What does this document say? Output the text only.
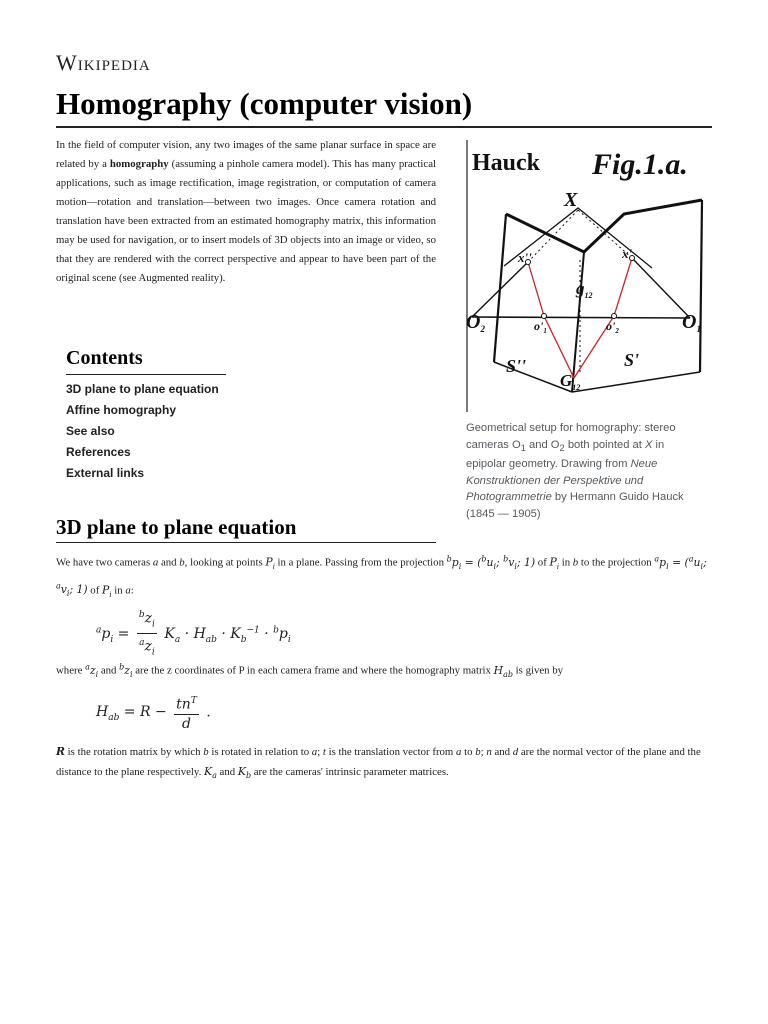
Wikipedia
Homography (computer vision)

In the field of computer vision, any two images of the same planar surface in space are related by a homography (assuming a pinhole camera model). This has many practical applications, such as image rectification, image registration, or computation of camera motion—rotation and translation—between two images. Once camera rotation and translation have been extracted from an estimated homography matrix, this information may be used for navigation, or to insert models of 3D objects into an image or video, so that they are rendered with the correct perspective and appear to have been part of the original scene (see Augmented reality).

Contents
3D plane to plane equation
Affine homography
See also
References
External links
Hauck Fig.1.a.
X
x''	x'
$g_{12}$
$O_2$	$O_1$
$o'_1$	$o'_2$
S''	S'
$G_{12}$
Geometrical setup for homography: stereo cameras $O_1$ and $O_2$ both pointed at X in epipolar geometry. Drawing from Neue Konstruktionen der Perspektive und Photogrammetrie by Hermann Guido Hauck (1845 — 1905)
3D plane to plane equation

We have two cameras a and b, looking at points $P_i$ in a plane. Passing from the projection $^bp_i = (^bu_i$; $^bv_i$; 1) of $P_i$ in b to the projection $^ap_i = (^au_i$; $^av_i$; 1) of $P_i$ in a:

$^ap_i = \frac{^bz_i}{^az_i} K_a \cdot H_{ab} \cdot K_b^{-1} \cdot ^bp_i$

where $^az_i$ and $^bz_i$ are the z coordinates of P in each camera frame and where the homography matrix $H_{ab}$ is given by

$H_{ab} = R - \frac{tn^T}{d}$ .

R is the rotation matrix by which b is rotated in relation to a; t is the translation vector from a to b; n and d are the normal vector of the plane and the distance to the plane respectively. $K_a$ and $K_b$ are the cameras' intrinsic parameter matrices.
